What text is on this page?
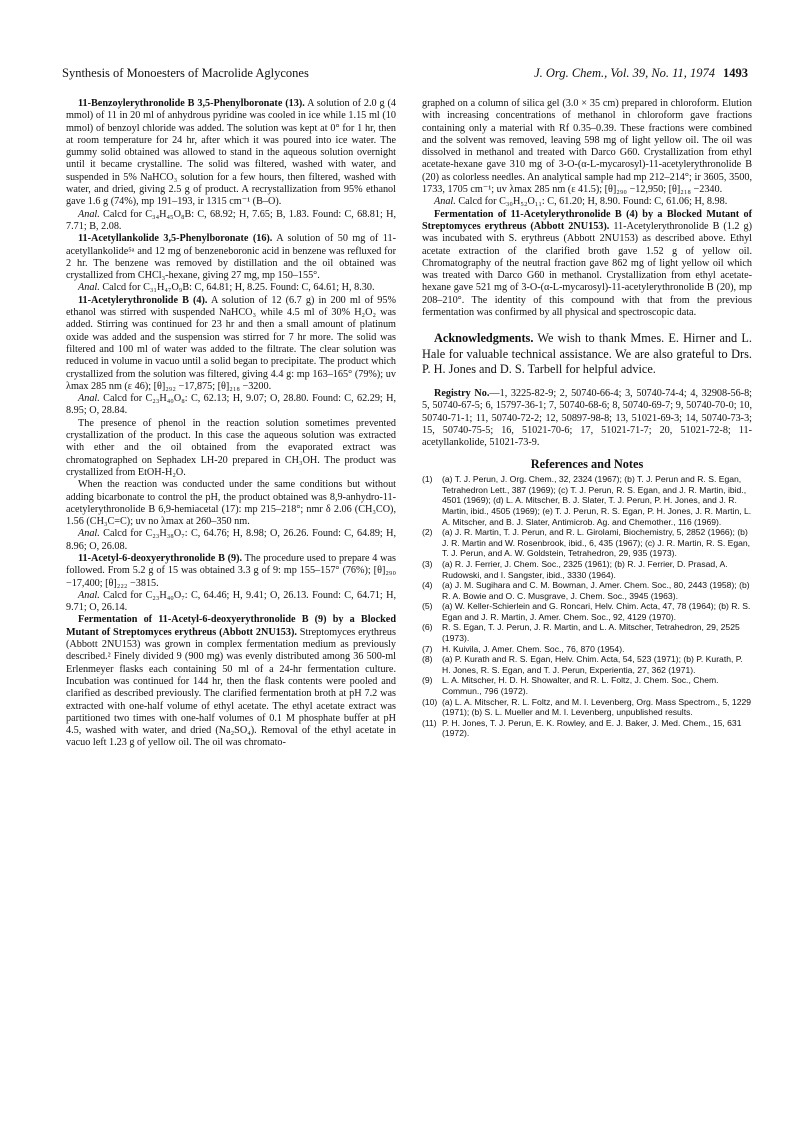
Synthesis of Monoesters of Macrolide Aglycones	J. Org. Chem., Vol. 39, No. 11, 1974 1493

11-Benzoylerythronolide B 3,5-Phenylboronate (13). A solution of 2.0 g (4 mmol) of 11 in 20 ml of anhydrous pyridine was cooled in ice while 1.15 ml (10 mmol) of benzoyl chloride was added. The solution was kept at 0° for 1 hr, then at room temperature for 24 hr, after which it was poured into ice water. The gummy solid obtained was allowed to stand in the aqueous solution overnight until it became crystalline. The solid was filtered, washed with water, and suspended in 5% NaHCO₃ solution for a few hours, then filtered, washed with water, and dried, giving 2.5 g of product. A recrystallization from 95% ethanol gave 1.6 g (74%), mp 191–193, ir 1315 cm⁻¹ (B–O).

Anal. Calcd for C₃₄H₄₅O₈B: C, 68.92; H, 7.65; B, 1.83. Found: C, 68.81; H, 7.71; B, 2.08.

11-Acetyllankolide 3,5-Phenylboronate (16). A solution of 50 mg of 11-acetyllankolide⁵ᵃ and 12 mg of benzeneboronic acid in benzene was refluxed for 2 hr. The benzene was removed by distillation and the oil obtained was crystallized from CHCl₃-hexane, giving 27 mg, mp 150–155°.

Anal. Calcd for C₃₁H₄₇O₉B: C, 64.81; H, 8.25. Found: C, 64.61; H, 8.30.

11-Acetylerythronolide B (4). A solution of 12 (6.7 g) in 200 ml of 95% ethanol was stirred with suspended NaHCO₃ while 4.5 ml of 30% H₂O₂ was added. Stirring was continued for 23 hr and then a small amount of platinum oxide was added and the suspension was stirred for 7 hr more. The solid was filtered and 100 ml of water was added to the filtrate. The clear solution was reduced in volume in vacuo until a solid began to precipitate. The product which crystallized from the solution was filtered, giving 4.4 g: mp 163–165° (79%); uv λmax 285 nm (ε 46); [θ]₂₉₂ −17,875; [θ]₂₁₈ −3200.

Anal. Calcd for C₂₃H₄₀O₈: C, 62.13; H, 9.07; O, 28.80. Found: C, 62.29; H, 8.95; O, 28.84.

The presence of phenol in the reaction solution sometimes prevented crystallization of the product. In this case the aqueous solution was extracted with ether and the oil obtained from the evaporated extract was chromatographed on Sephadex LH-20 prepared in CH₃OH. The product was crystallized from EtOH-H₂O.

When the reaction was conducted under the same conditions but without adding bicarbonate to control the pH, the product obtained was 8,9-anhydro-11-acetylerythronolide B 6,9-hemiacetal (17): mp 215–218°; nmr δ 2.06 (CH₃CO), 1.56 (CH₃C=C); uv no λmax at 260–350 nm.

Anal. Calcd for C₂₃H₃₈O₇: C, 64.76; H, 8.98; O, 26.26. Found: C, 64.89; H, 8.96; O, 26.08.

11-Acetyl-6-deoxyerythronolide B (9). The procedure used to prepare 4 was followed. From 5.2 g of 15 was obtained 3.3 g of 9: mp 155–157° (76%); [θ]₂₉₀ −17,400; [θ]₂₂₂ −3815.

Anal. Calcd for C₂₃H₄₀O₇: C, 64.46; H, 9.41; O, 26.13. Found: C, 64.71; H, 9.71; O, 26.14.

Fermentation of 11-Acetyl-6-deoxyerythronolide B (9) by a Blocked Mutant of Streptomyces erythreus (Abbott 2NU153). Streptomyces erythreus (Abbott 2NU153) was grown in complex fermentation medium as previously described.² Finely divided 9 (900 mg) was evenly distributed among 36 500-ml Erlenmeyer flasks each containing 50 ml of a 24-hr fermentation culture. Incubation was continued for 144 hr, then the flask contents were pooled and clarified as described previously. The clarified fermentation broth at pH 7.2 was extracted with one-half volume of ethyl acetate. The ethyl acetate extract was partitioned two times with one-half volumes of 0.1 M phosphate buffer at pH 4.5, washed with water, and dried (Na₂SO₄). Removal of the ethyl acetate in vacuo left 1.23 g of yellow oil. The oil was chromato-

graphed on a column of silica gel (3.0 × 35 cm) prepared in chloroform. Elution with increasing concentrations of methanol in chloroform gave fractions containing only a material with Rf 0.35–0.39. These fractions were combined and the solvent was removed, leaving 598 mg of light yellow oil. The oil was dissolved in methanol and treated with Darco G60. Crystallization from ethyl acetate-hexane gave 310 mg of 3-O-(α-L-mycarosyl)-11-acetylerythronolide B (20) as colorless needles. An analytical sample had mp 212–214°; ir 3605, 3500, 1733, 1705 cm⁻¹; uv λmax 285 nm (ε 41.5); [θ]₂₉₀ −12,950; [θ]₂₁₈ −2340.

Anal. Calcd for C₃₀H₅₂O₁₁: C, 61.20; H, 8.90. Found: C, 61.06; H, 8.98.

Fermentation of 11-Acetylerythronolide B (4) by a Blocked Mutant of Streptomyces erythreus (Abbott 2NU153). 11-Acetylerythronolide B (1.2 g) was incubated with S. erythreus (Abbott 2NU153) as described above. Ethyl acetate extraction of the clarified broth gave 1.52 g of yellow oil. Chromatography of the neutral fraction gave 862 mg of light yellow oil which was treated with Darco G60 in methanol. Crystallization from ethyl acetate-hexane gave 521 mg of 3-O-(α-L-mycarosyl)-11-acetylerythronolide B (20), mp 208–210°. The identity of this compound with that from the previous fermentation was confirmed by all physical and spectroscopic data.

Acknowledgments. We wish to thank Mmes. E. Hirner and L. Hale for valuable technical assistance. We are also grateful to Drs. P. H. Jones and D. S. Tarbell for helpful advice.

Registry No.—1, 3225-82-9; 2, 50740-66-4; 3, 50740-74-4; 4, 32908-56-8; 5, 50740-67-5; 6, 15797-36-1; 7, 50740-68-6; 8, 50740-69-7; 9, 50740-70-0; 10, 50740-71-1; 11, 50740-72-2; 12, 50897-98-8; 13, 51021-69-3; 14, 50740-73-3; 15, 50740-75-5; 16, 51021-70-6; 17, 51021-71-7; 20, 51021-72-8; 11-acetyllankolide, 51021-73-9.

References and Notes
(1)	(a) T. J. Perun, J. Org. Chem., 32, 2324 (1967); (b) T. J. Perun and R. S. Egan, Tetrahedron Lett., 387 (1969); (c) T. J. Perun, R. S. Egan, and J. R. Martin, ibid., 4501 (1969); (d) L. A. Mitscher, B. J. Slater, T. J. Perun, P. H. Jones, and J. R. Martin, ibid., 4505 (1969); (e) T. J. Perun, R. S. Egan, P. H. Jones, J. R. Martin, L. A. Mitscher, and B. J. Slater, Antimicrob. Ag. and Chemother., 116 (1969).
(2)	(a) J. R. Martin, T. J. Perun, and R. L. Girolami, Biochemistry, 5, 2852 (1966); (b) J. R. Martin and W. Rosenbrook, ibid., 6, 435 (1967); (c) J. R. Martin, R. S. Egan, T. J. Perun, and A. W. Goldstein, Tetrahedron, 29, 935 (1973).
(3)	(a) R. J. Ferrier, J. Chem. Soc., 2325 (1961); (b) R. J. Ferrier, D. Prasad, A. Rudowski, and I. Sangster, ibid., 3330 (1964).
(4)	(a) J. M. Sugihara and C. M. Bowman, J. Amer. Chem. Soc., 80, 2443 (1958); (b) R. A. Bowie and O. C. Musgrave, J. Chem. Soc., 3945 (1963).
(5)	(a) W. Keller-Schierlein and G. Roncari, Helv. Chim. Acta, 47, 78 (1964); (b) R. S. Egan and J. R. Martin, J. Amer. Chem. Soc., 92, 4129 (1970).
(6)	R. S. Egan, T. J. Perun, J. R. Martin, and L. A. Mitscher, Tetrahedron, 29, 2525 (1973).
(7)	H. Kuivila, J. Amer. Chem. Soc., 76, 870 (1954).
(8)	(a) P. Kurath and R. S. Egan, Helv. Chim. Acta, 54, 523 (1971); (b) P. Kurath, P. H. Jones, R. S. Egan, and T. J. Perun, Experientia, 27, 362 (1971).
(9)	L. A. Mitscher, H. D. H. Showalter, and R. L. Foltz, J. Chem. Soc., Chem. Commun., 796 (1972).
(10) (a) L. A. Mitscher, R. L. Foltz, and M. I. Levenberg, Org. Mass Spectrom., 5, 1229 (1971); (b) S. L. Mueller and M. I. Levenberg, unpublished results.
(11) P. H. Jones, T. J. Perun, E. K. Rowley, and E. J. Baker, J. Med. Chem., 15, 631 (1972).
